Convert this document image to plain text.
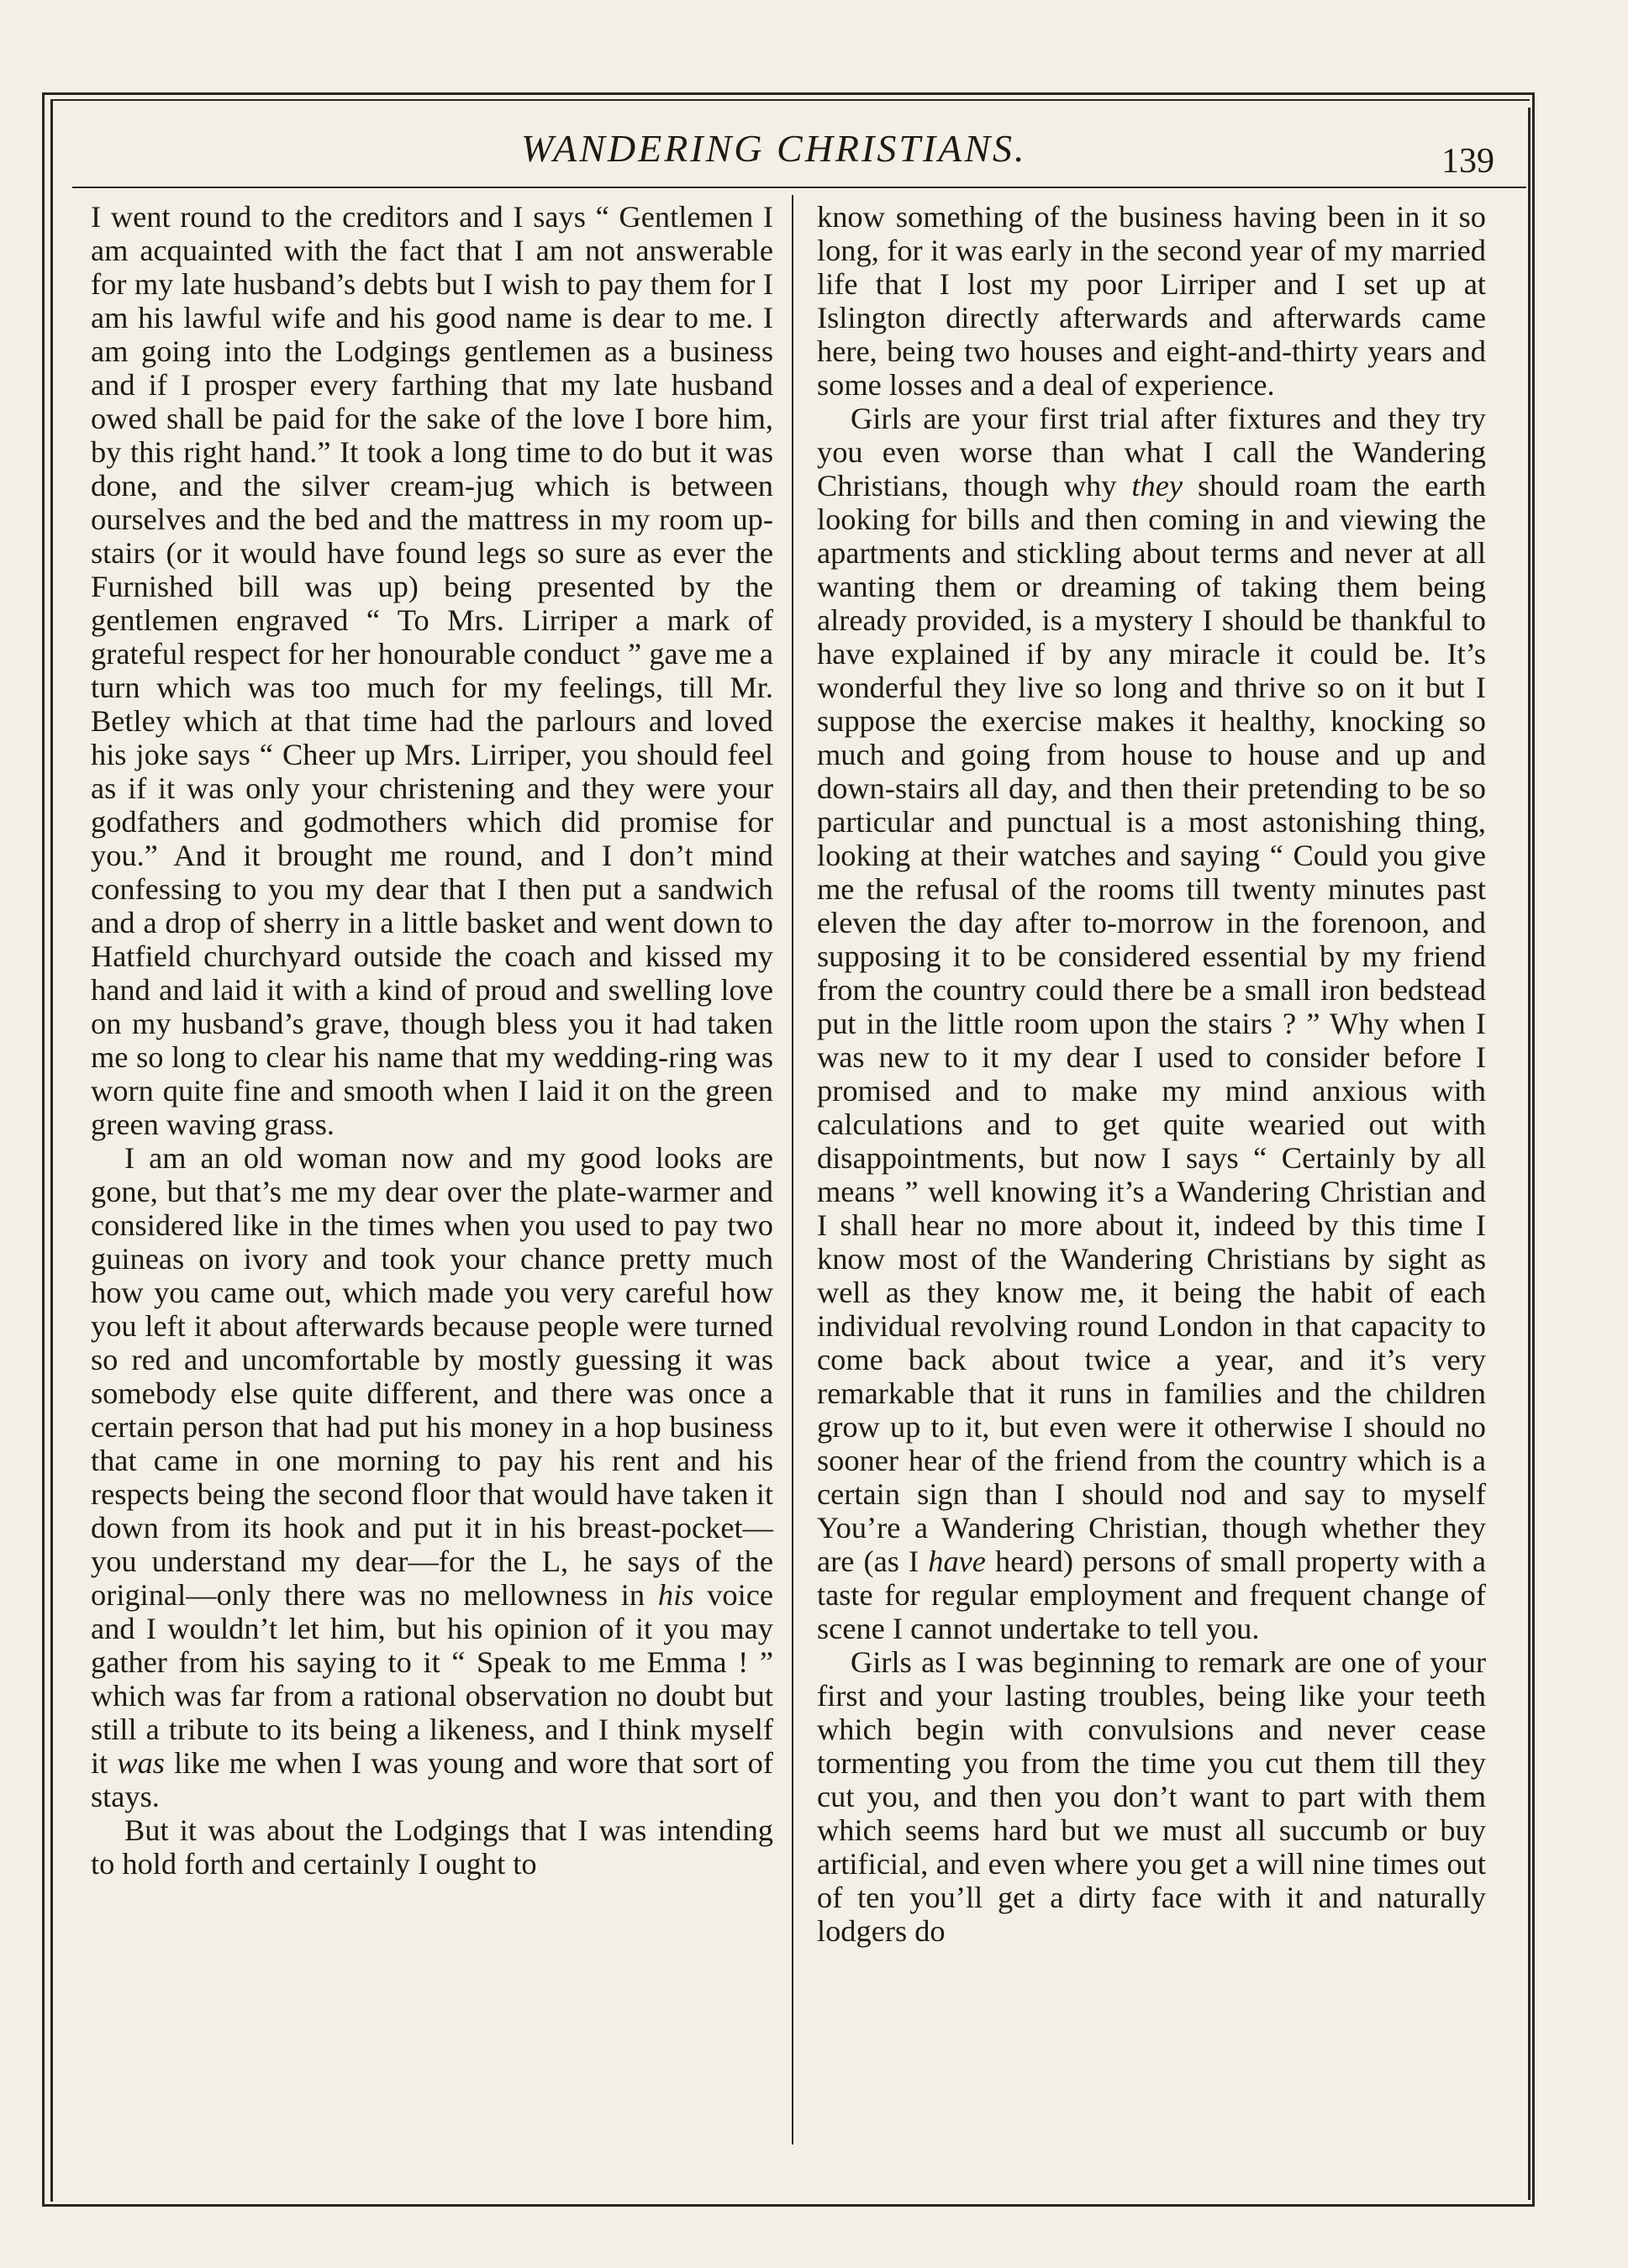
WANDERING CHRISTIANS.	139

I went round to the creditors and I says “ Gentlemen I am acquainted with the fact that I am not answerable for my late husband’s debts but I wish to pay them for I am his lawful wife and his good name is dear to me. I am going into the Lodgings gentlemen as a business and if I prosper every farthing that my late husband owed shall be paid for the sake of the love I bore him, by this right hand.” It took a long time to do but it was done, and the silver cream-jug which is between ourselves and the bed and the mattress in my room up-stairs (or it would have found legs so sure as ever the Furnished bill was up) being presented by the gentlemen engraved “ To Mrs. Lirriper a mark of grateful respect for her honourable conduct ” gave me a turn which was too much for my feelings, till Mr. Betley which at that time had the parlours and loved his joke says “ Cheer up Mrs. Lirriper, you should feel as if it was only your christening and they were your godfathers and godmothers which did promise for you.” And it brought me round, and I don’t mind confessing to you my dear that I then put a sandwich and a drop of sherry in a little basket and went down to Hatfield churchyard outside the coach and kissed my hand and laid it with a kind of proud and swelling love on my husband’s grave, though bless you it had taken me so long to clear his name that my wedding-ring was worn quite fine and smooth when I laid it on the green green waving grass.

I am an old woman now and my good looks are gone, but that’s me my dear over the plate-warmer and considered like in the times when you used to pay two guineas on ivory and took your chance pretty much how you came out, which made you very careful how you left it about afterwards because people were turned so red and uncomfortable by mostly guessing it was somebody else quite different, and there was once a certain person that had put his money in a hop business that came in one morning to pay his rent and his respects being the second floor that would have taken it down from its hook and put it in his breast-pocket—you understand my dear—for the L, he says of the original—only there was no mellowness in his voice and I wouldn’t let him, but his opinion of it you may gather from his saying to it “ Speak to me Emma ! ” which was far from a rational observation no doubt but still a tribute to its being a likeness, and I think myself it was like me when I was young and wore that sort of stays.

But it was about the Lodgings that I was intending to hold forth and certainly I ought to

know something of the business having been in it so long, for it was early in the second year of my married life that I lost my poor Lirriper and I set up at Islington directly afterwards and afterwards came here, being two houses and eight-and-thirty years and some losses and a deal of experience.

Girls are your first trial after fixtures and they try you even worse than what I call the Wandering Christians, though why they should roam the earth looking for bills and then coming in and viewing the apartments and stickling about terms and never at all wanting them or dreaming of taking them being already provided, is a mystery I should be thankful to have explained if by any miracle it could be. It’s wonderful they live so long and thrive so on it but I suppose the exercise makes it healthy, knocking so much and going from house to house and up and down-stairs all day, and then their pretending to be so particular and punctual is a most astonishing thing, looking at their watches and saying “ Could you give me the refusal of the rooms till twenty minutes past eleven the day after to-morrow in the forenoon, and supposing it to be considered essential by my friend from the country could there be a small iron bedstead put in the little room upon the stairs ? ” Why when I was new to it my dear I used to consider before I promised and to make my mind anxious with calculations and to get quite wearied out with disappointments, but now I says “ Certainly by all means ” well knowing it’s a Wandering Christian and I shall hear no more about it, indeed by this time I know most of the Wandering Christians by sight as well as they know me, it being the habit of each individual revolving round London in that capacity to come back about twice a year, and it’s very remarkable that it runs in families and the children grow up to it, but even were it otherwise I should no sooner hear of the friend from the country which is a certain sign than I should nod and say to myself You’re a Wandering Christian, though whether they are (as I have heard) persons of small property with a taste for regular employment and frequent change of scene I cannot undertake to tell you.

Girls as I was beginning to remark are one of your first and your lasting troubles, being like your teeth which begin with convulsions and never cease tormenting you from the time you cut them till they cut you, and then you don’t want to part with them which seems hard but we must all succumb or buy artificial, and even where you get a will nine times out of ten you’ll get a dirty face with it and naturally lodgers do
